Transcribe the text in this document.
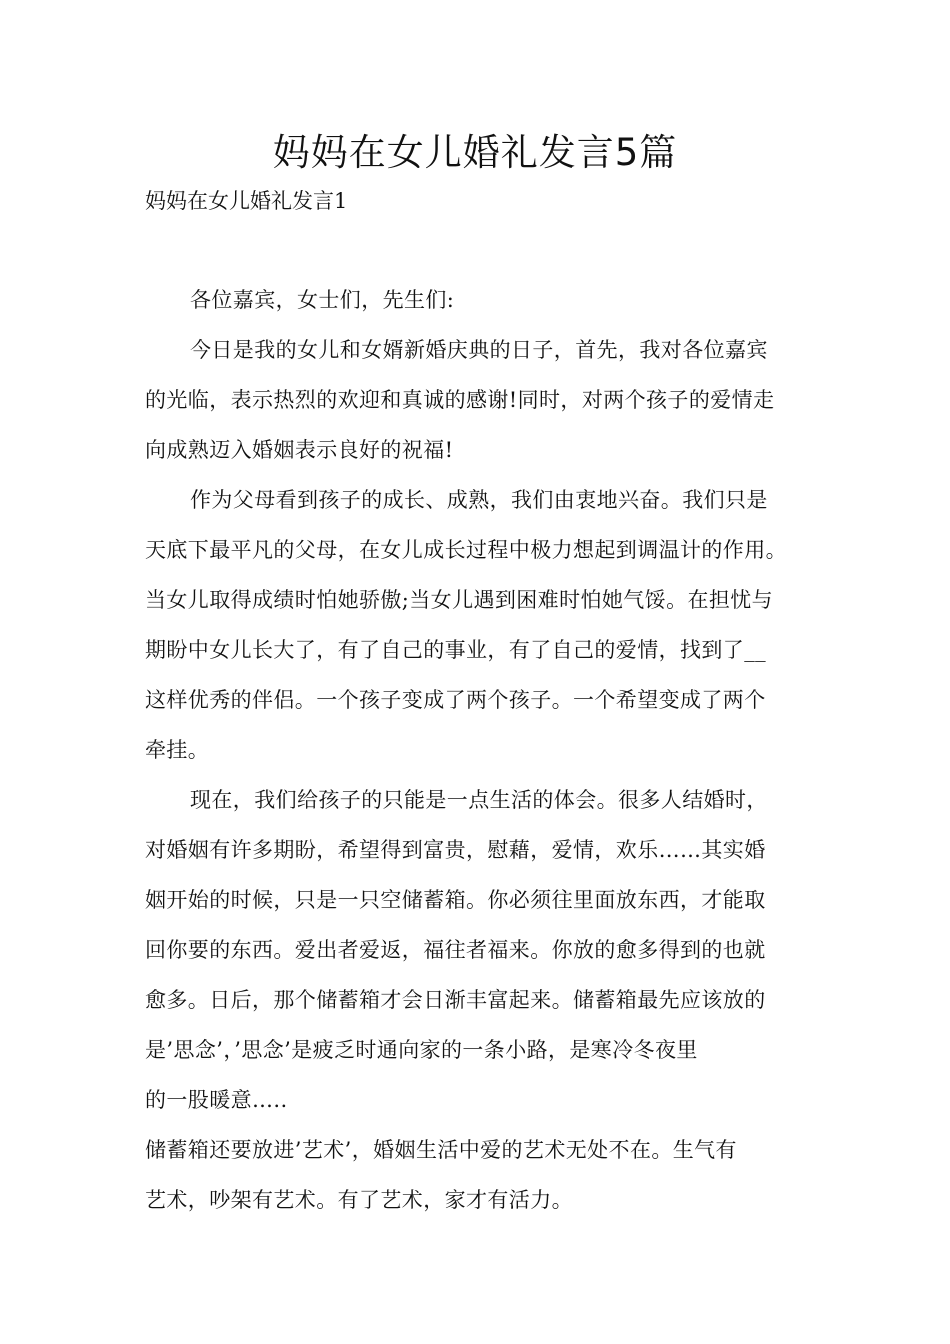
妈妈在女儿婚礼发言5篇

妈妈在女儿婚礼发言1

各位嘉宾，女士们，先生们:

今日是我的女儿和女婿新婚庆典的日子，首先，我对各位嘉宾

的光临，表示热烈的欢迎和真诚的感谢!同时，对两个孩子的爱情走

向成熟迈入婚姻表示良好的祝福!

作为父母看到孩子的成长、成熟，我们由衷地兴奋。我们只是

天底下最平凡的父母，在女儿成长过程中极力想起到调温计的作用。

当女儿取得成绩时怕她骄傲;当女儿遇到困难时怕她气馁。在担忧与

期盼中女儿长大了，有了自己的事业，有了自己的爱情，找到了__

这样优秀的伴侣。一个孩子变成了两个孩子。一个希望变成了两个

牵挂。

现在，我们给孩子的只能是一点生活的体会。很多人结婚时，

对婚姻有许多期盼，希望得到富贵，慰藉，爱情，欢乐……其实婚

姻开始的时候，只是一只空储蓄箱。你必须往里面放东西，才能取

回你要的东西。爱出者爱返，福往者福来。你放的愈多得到的也就

愈多。日后，那个储蓄箱才会日渐丰富起来。储蓄箱最先应该放的

是’思念’，’思念’是疲乏时通向家的一条小路，是寒冷冬夜里

的一股暖意…..

储蓄箱还要放进’艺术’，婚姻生活中爱的艺术无处不在。生气有

艺术，吵架有艺术。有了艺术，家才有活力。
